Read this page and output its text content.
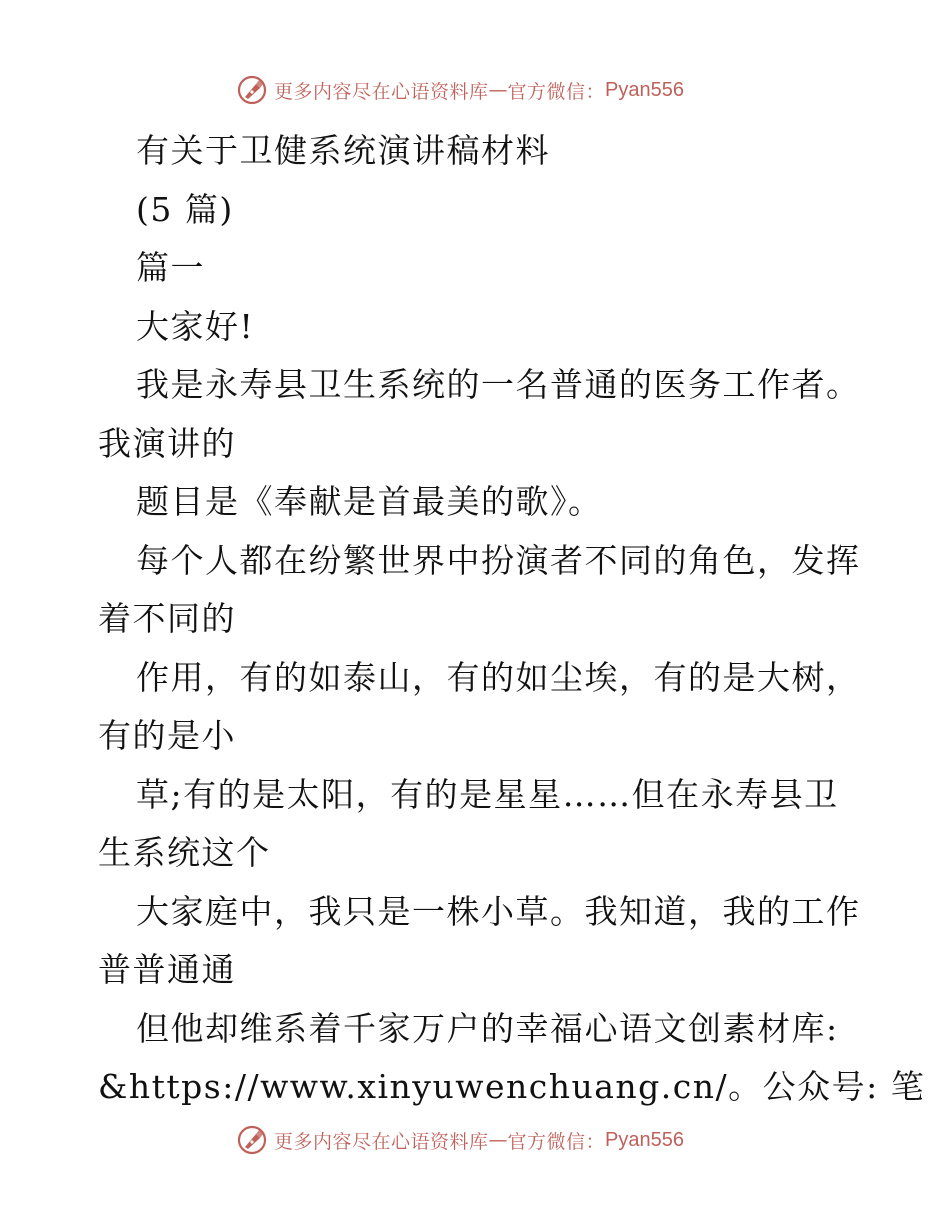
更多内容尽在心语资料库 — 官方微信： Pyan556
有关于卫健系统演讲稿材料
(5 篇)
篇一
大家好!
我是永寿县卫生系统的一名普通的医务工作者。
我演讲的
题目是《奉献是首最美的歌》。
每个人都在纷繁世界中扮演者不同的角色，发挥
着不同的
作用，有的如泰山，有的如尘埃，有的是大树，
有的是小
草;有的是太阳，有的是星星……但在永寿县卫
生系统这个
大家庭中，我只是一株小草。我知道，我的工作
普普通通
但他却维系着千家万户的幸福心语文创素材库:
&https://www.xinyuwenchuang.cn/。公众号: 笔
更多内容尽在心语资料库 — 官方微信： Pyan556
